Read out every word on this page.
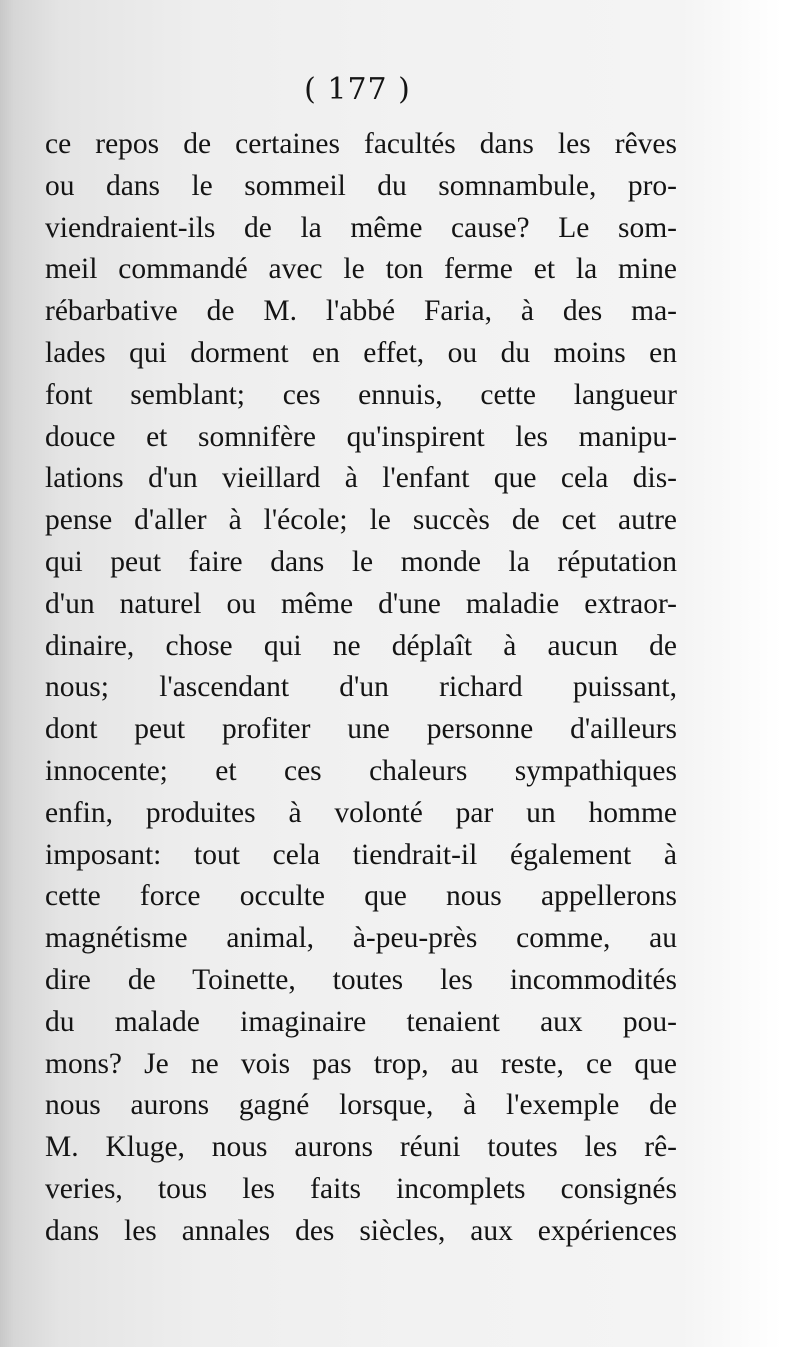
( 177 )
ce repos de certaines facultés dans les rêves
ou dans le sommeil du somnambule, pro-
viendraient-ils de la même cause? Le som-
meil commandé avec le ton ferme et la mine
rébarbative de M. l'abbé Faria, à des ma-
lades qui dorment en effet, ou du moins en
font semblant; ces ennuis, cette langueur
douce et somnifère qu'inspirent les manipu-
lations d'un vieillard à l'enfant que cela dis-
pense d'aller à l'école; le succès de cet autre
qui peut faire dans le monde la réputation
d'un naturel ou même d'une maladie extraor-
dinaire, chose qui ne déplaît à aucun de
nous; l'ascendant d'un richard puissant,
dont peut profiter une personne d'ailleurs
innocente; et ces chaleurs sympathiques
enfin, produites à volonté par un homme
imposant: tout cela tiendrait-il également à
cette force occulte que nous appellerons
magnétisme animal, à-peu-près comme, au
dire de Toinette, toutes les incommodités
du malade imaginaire tenaient aux pou-
mons? Je ne vois pas trop, au reste, ce que
nous aurons gagné lorsque, à l'exemple de
M. Kluge, nous aurons réuni toutes les rê-
veries, tous les faits incomplets consignés
dans les annales des siècles, aux expériences
